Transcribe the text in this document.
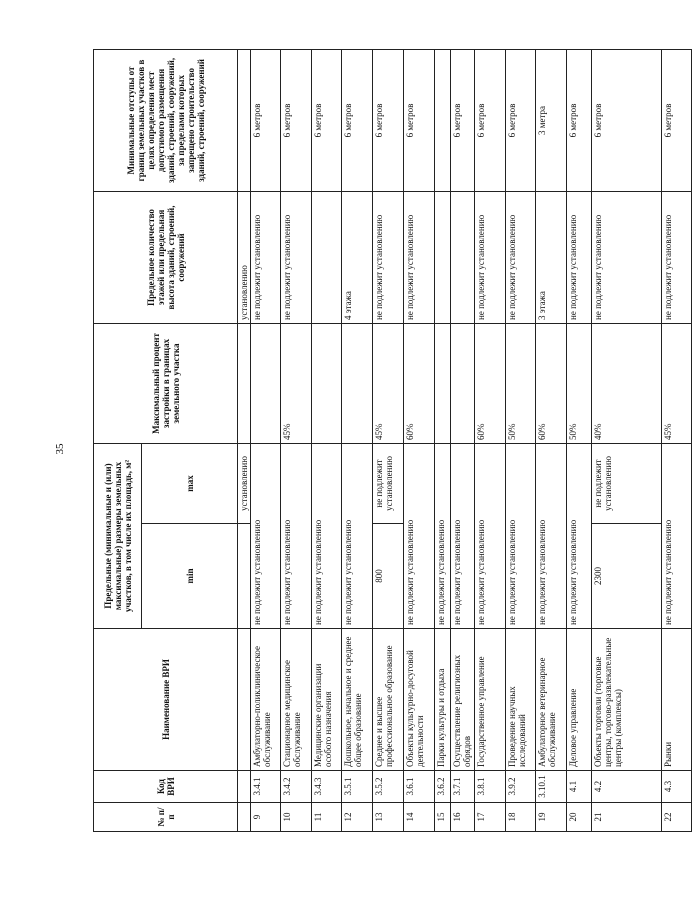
35
№ п/п	Код ВРИ	Наименование ВРИ	Предельные (минимальные и (или) максимальные) размеры земельных участков, в том числе их площадь, м²		Максимальный процент застройки в границах земельного участка	Предельное количество этажей или предельная высота зданий, строений, сооружений	Минимальные отступы от границ земельных участков в целях определения мест допустимого размещения зданий, строений, сооружений, за пределами которых запрещено строительство зданий, строений, сооружений
			min	max			
				установлению		установлению	
9	3.4.1	Амбулаторно-поликлиническое обслуживание	не подлежит установлению			не подлежит установлению	6 метров
10	3.4.2	Стационарное медицинское обслуживание	не подлежит установлению		45%	не подлежит установлению	6 метров
11	3.4.3	Медицинские организации особого назначения	не подлежит установлению				6 метров
12	3.5.1	Дошкольное, начальное и среднее общее образование	не подлежит установлению			4 этажа	6 метров
13	3.5.2	Среднее и высшее профессиональное образование	800	не подлежит установлению	45%	не подлежит установлению	6 метров
14	3.6.1	Объекты культурно-досуговой деятельности	не подлежит установлению		60%	не подлежит установлению	6 метров
15	3.6.2	Парки культуры и отдыха	не подлежит установлению				
16	3.7.1	Осуществление религиозных обрядов	не подлежит установлению				6 метров
17	3.8.1	Государственное управление	не подлежит установлению		60%	не подлежит установлению	6 метров
18	3.9.2	Проведение научных исследований	не подлежит установлению		50%	не подлежит установлению	6 метров
19	3.10.1	Амбулаторное ветеринарное обслуживание	не подлежит установлению		60%	3 этажа	3 метра
20	4.1	Деловое управление	не подлежит установлению		50%	не подлежит установлению	6 метров
21	4.2	Объекты торговли (торговые центры, торгово-развлекательные центры (комплексы)	2300	не подлежит установлению	40%	не подлежит установлению	6 метров
22	4.3	Рынки	не подлежит установлению		45%	не подлежит установлению	6 метров
